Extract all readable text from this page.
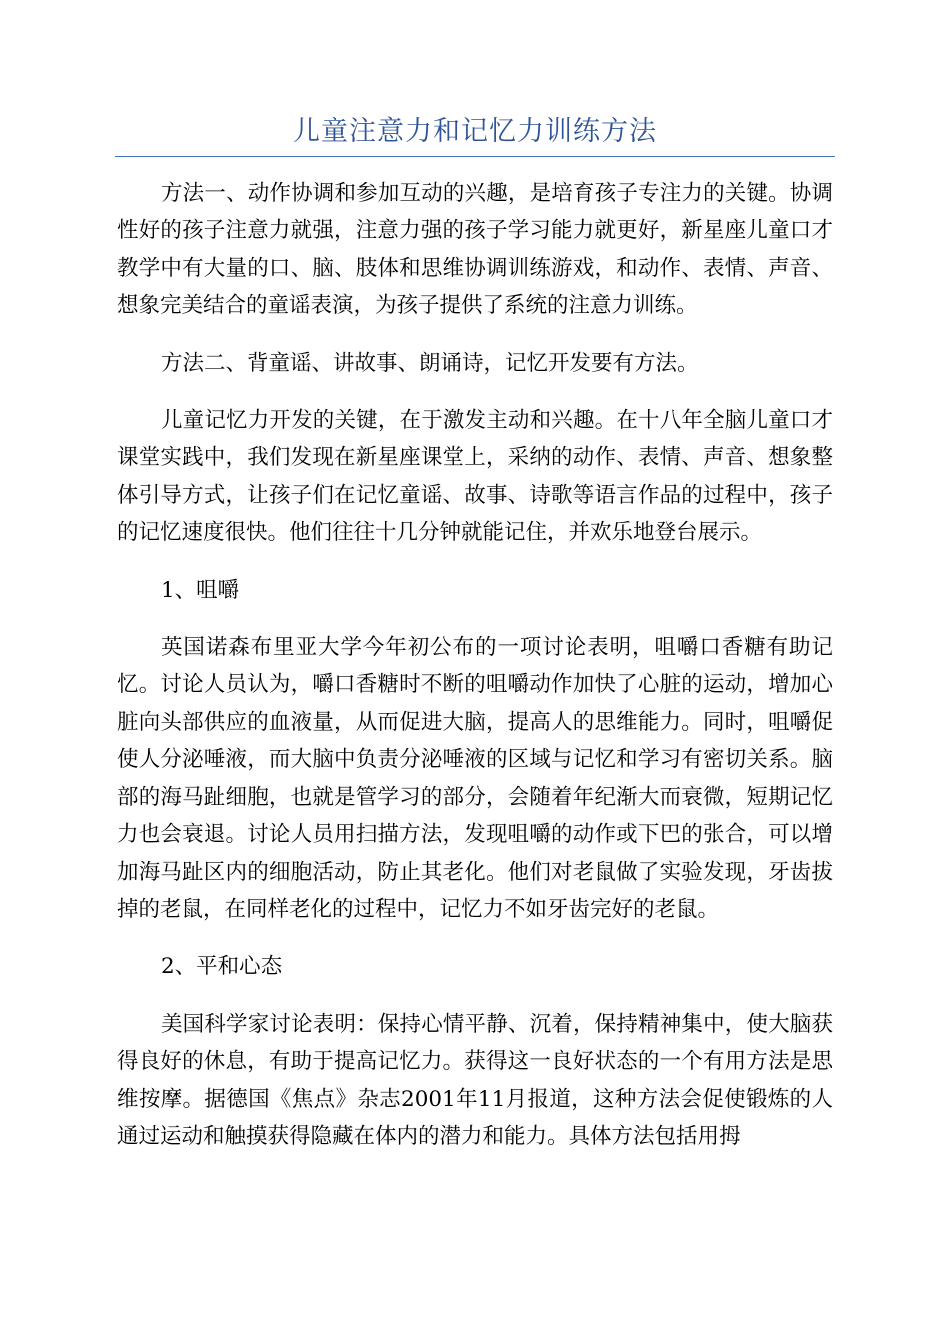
儿童注意力和记忆力训练方法

方法一、动作协调和参加互动的兴趣，是培育孩子专注力的关键。协调性好的孩子注意力就强，注意力强的孩子学习能力就更好，新星座儿童口才教学中有大量的口、脑、肢体和思维协调训练游戏，和动作、表情、声音、想象完美结合的童谣表演，为孩子提供了系统的注意力训练。

方法二、背童谣、讲故事、朗诵诗，记忆开发要有方法。

儿童记忆力开发的关键，在于激发主动和兴趣。在十八年全脑儿童口才课堂实践中，我们发现在新星座课堂上，采纳的动作、表情、声音、想象整体引导方式，让孩子们在记忆童谣、故事、诗歌等语言作品的过程中，孩子的记忆速度很快。他们往往十几分钟就能记住，并欢乐地登台展示。

1、咀嚼

英国诺森布里亚大学今年初公布的一项讨论表明，咀嚼口香糖有助记忆。讨论人员认为，嚼口香糖时不断的咀嚼动作加快了心脏的运动，增加心脏向头部供应的血液量，从而促进大脑，提高人的思维能力。同时，咀嚼促使人分泌唾液，而大脑中负责分泌唾液的区域与记忆和学习有密切关系。脑部的海马趾细胞，也就是管学习的部分，会随着年纪渐大而衰微，短期记忆力也会衰退。讨论人员用扫描方法，发现咀嚼的动作或下巴的张合，可以增加海马趾区内的细胞活动，防止其老化。他们对老鼠做了实验发现，牙齿拔掉的老鼠，在同样老化的过程中，记忆力不如牙齿完好的老鼠。

2、平和心态

美国科学家讨论表明：保持心情平静、沉着，保持精神集中，使大脑获得良好的休息，有助于提高记忆力。获得这一良好状态的一个有用方法是思维按摩。据德国《焦点》杂志2001年11月报道，这种方法会促使锻炼的人通过运动和触摸获得隐藏在体内的潜力和能力。具体方法包括用拇
